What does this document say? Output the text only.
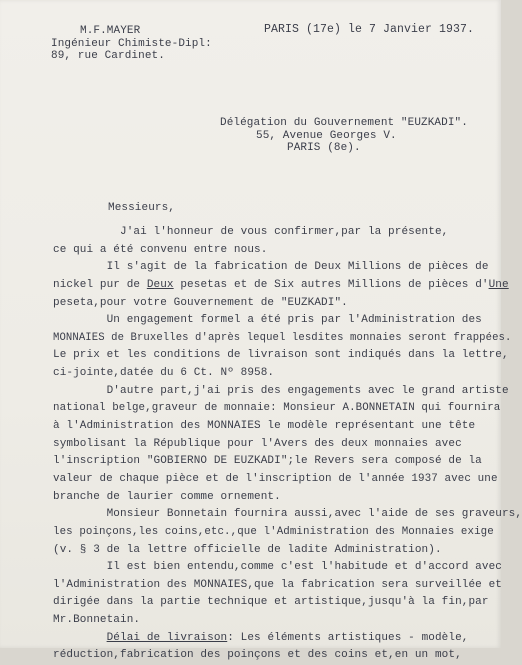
M.F.MAYER
Ingénieur Chimiste-Dipl:
89, rue Cardinet.
PARIS (17e) le 7 Janvier 1937.
Délégation du Gouvernement "EUZKADI".
55, Avenue Georges V.
PARIS (8e).
Messieurs,
J'ai l'honneur de vous confirmer,par la présente,
ce qui a été convenu entre nous.
Il s'agit de la fabrication de Deux Millions de pièces de
nickel pur de Deux pesetas et de Six autres Millions de pièces d'Une
peseta,pour votre Gouvernement de "EUZKADI".
Un engagement formel a été pris par l'Administration des
MONNAIES de Bruxelles d'après lequel lesdites monnaies seront frappées.
Le prix et les conditions de livraison sont indiqués dans la lettre,
ci-jointe,datée du 6 Ct. Nº 8958.
D'autre part,j'ai pris des engagements avec le grand artiste
national belge,graveur de monnaie: Monsieur A.BONNETAIN qui fournira
à l'Administration des MONNAIES le modèle représentant une tête
symbolisant la République pour l'Avers des deux monnaies avec
l'inscription "GOBIERNO DE EUZKADI";le Revers sera composé de la
valeur de chaque pièce et de l'inscription de l'année 1937 avec une
branche de laurier comme ornement.
Monsieur Bonnetain fournira aussi,avec l'aide de ses graveurs,
les poinçons,les coins,etc.,que l'Administration des Monnaies exige
(v. § 3 de la lettre officielle de ladite Administration).
Il est bien entendu,comme c'est l'habitude et d'accord avec
l'Administration des MONNAIES,que la fabrication sera surveillée et
dirigée dans la partie technique et artistique,jusqu'à la fin,par
Mr.Bonnetain.
Délai de livraison: Les éléments artistiques - modèle,
réduction,fabrication des poinçons et des coins et,en un mot,
